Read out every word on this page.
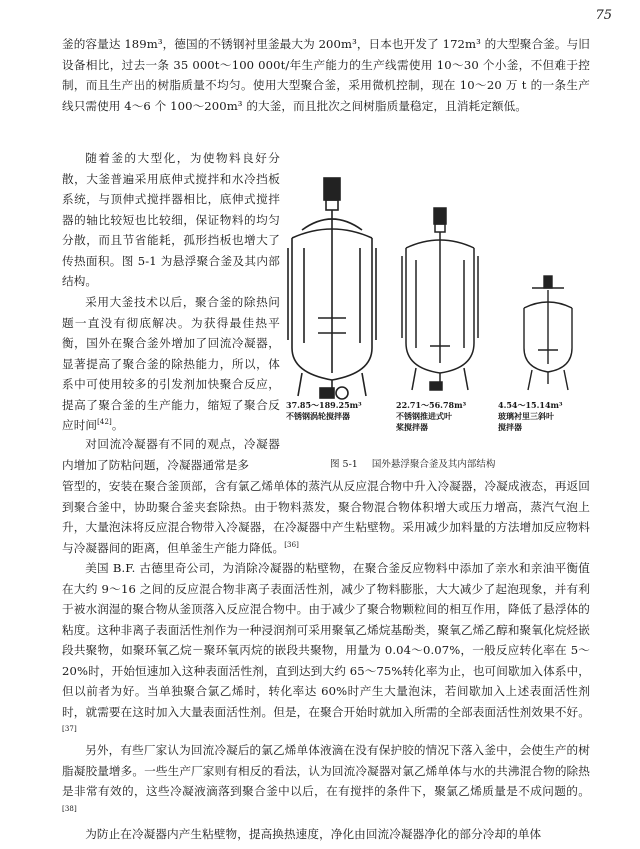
75

釜的容量达 189m³，德国的不锈钢衬里釜最大为 200m³，日本也开发了 172m³ 的大型聚合釜。与旧设备相比，过去一条 35 000t～100 000t/年生产能力的生产线需使用 10～30 个小釜，不但难于控制，而且生产出的树脂质量不均匀。使用大型聚合釜，采用微机控制，现在 10～20 万 t 的一条生产线只需使用 4～6 个 100～200m³ 的大釜，而且批次之间树脂质量稳定，且消耗定额低。

随着釜的大型化，为使物料良好分散，大釜普遍采用底伸式搅拌和水冷挡板系统，与顶伸式搅拌器相比，底伸式搅拌器的轴比较短也比较细，保证物料的均匀分散，而且节省能耗，孤形挡板也增大了传热面积。图 5-1 为悬浮聚合釜及其内部结构。

采用大釜技术以后，聚合釜的除热问题一直没有彻底解决。为获得最佳热平衡，国外在聚合釜外增加了回流冷凝器，显著提高了聚合釜的除热能力，所以，体系中可使用较多的引发剂加快聚合反应，提高了聚合釜的生产能力，缩短了聚合反应时间[42]。

对回流冷凝器有不同的观点，冷凝器内增加了防粘问题，冷凝器通常是多

管型的，安装在聚合釜顶部，含有氯乙烯单体的蒸汽从反应混合物中升入冷凝器，冷凝成液态，再返回到聚合釜中，协助聚合釜夹套除热。由于物料蒸发，聚合物混合物体积增大或压力增高，蒸汽气泡上升，大量泡沫将反应混合物带入冷凝器，在冷凝器中产生粘壁物。采用减少加料量的方法增加反应物料与冷凝器间的距离，但单釜生产能力降低。[36]

美国 B.F. 古德里奇公司，为消除冷凝器的粘壁物，在聚合釜反应物料中添加了亲水和亲油平衡值在大约 9～16 之间的反应混合物非离子表面活性剂，减少了物料膨胀，大大减少了起泡现象，并有利于被水润湿的聚合物从釜顶落入反应混合物中。由于减少了聚合物颗粒间的相互作用，降低了悬浮体的粘度。这种非离子表面活性剂作为一种浸润剂可采用聚氧乙烯烷基酚类，聚氧乙烯乙醇和聚氧化烷烃嵌段共聚物，如聚环氧乙烷－聚环氧丙烷的嵌段共聚物，用量为 0.04～0.07%，一般反应转化率在 5～20%时，开始恒速加入这种表面活性剂，直到达到大约 65～75%转化率为止，也可间歇加入体系中，但以前者为好。当单独聚合氯乙烯时，转化率达 60%时产生大量泡沫，若间歇加入上述表面活性剂时，就需要在这时加入大量表面活性剂。但是，在聚合开始时就加入所需的全部表面活性剂效果不好。[37]

另外，有些厂家认为回流冷凝后的氯乙烯单体液滴在没有保护胶的情况下落入釜中，会使生产的树脂凝胶量增多。一些生产厂家则有相反的看法，认为回流冷凝器对氯乙烯单体与水的共沸混合物的除热是非常有效的，这些冷凝液滴落到聚合釜中以后，在有搅拌的条件下，聚氯乙烯质量是不成问题的。[38]

为防止在冷凝器内产生粘壁物，提高换热速度，净化由回流冷凝器净化的部分冷却的单体

37.85～189.25m³
不锈钢涡轮搅拌器
22.71～56.78m³
不锈钢推进式叶
桨搅拌器
4.54～15.14m³
玻璃衬里三斜叶
搅拌器
图 5-1 国外悬浮聚合釜及其内部结构
